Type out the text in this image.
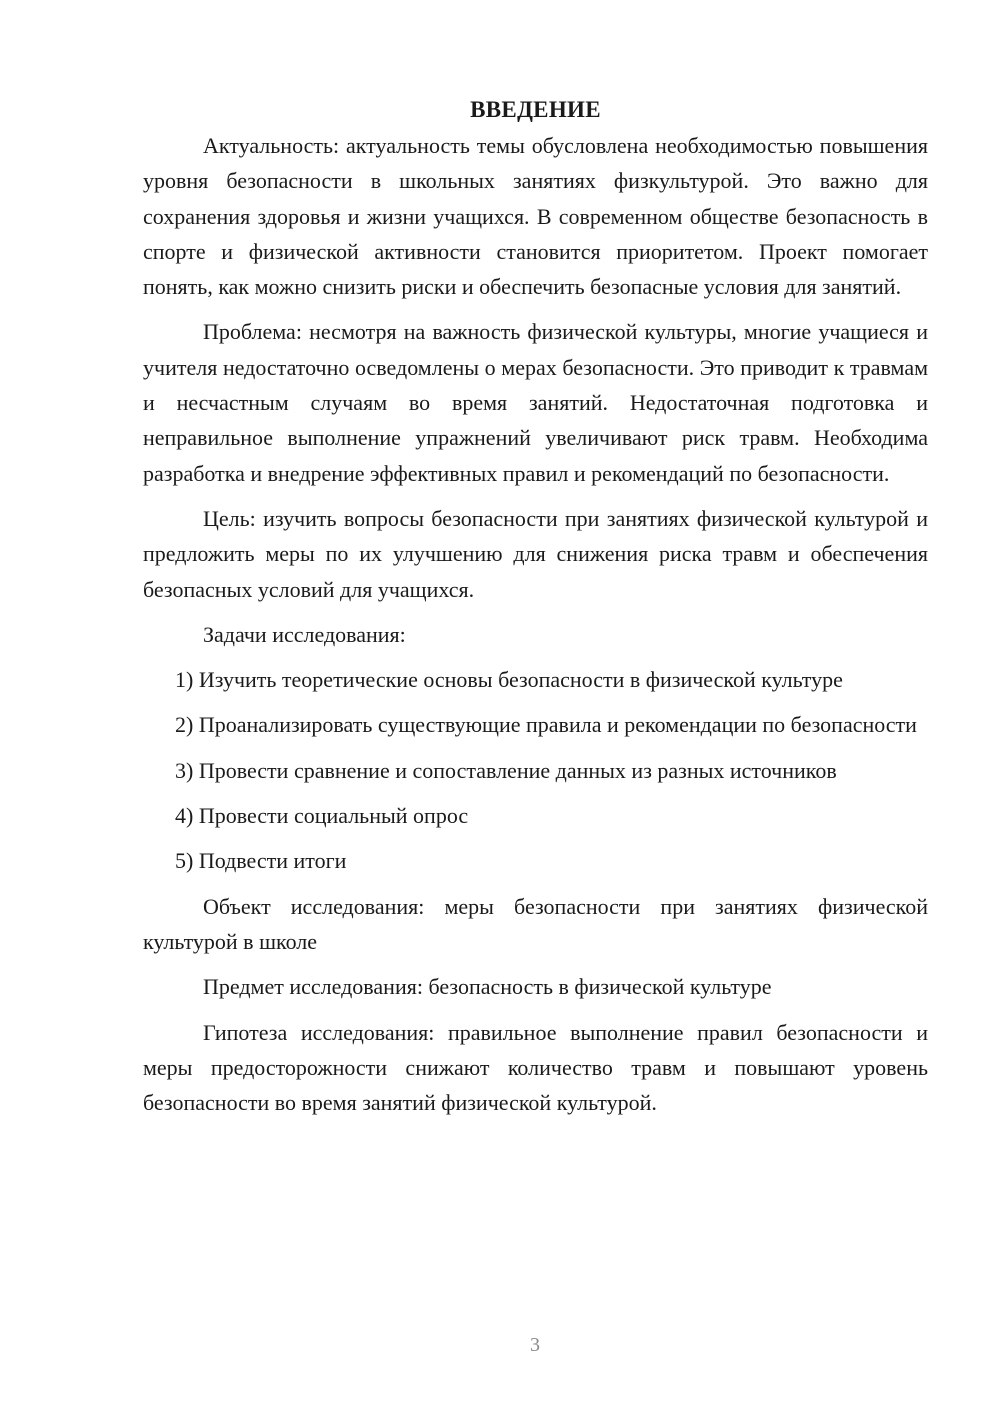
ВВЕДЕНИЕ

Актуальность: актуальность темы обусловлена необходимостью повышения уровня безопасности в школьных занятиях физкультурой. Это важно для сохранения здоровья и жизни учащихся. В современном обществе безопасность в спорте и физической активности становится приоритетом. Проект помогает понять, как можно снизить риски и обеспечить безопасные условия для занятий.

Проблема: несмотря на важность физической культуры, многие учащиеся и учителя недостаточно осведомлены о мерах безопасности. Это приводит к травмам и несчастным случаям во время занятий. Недостаточная подготовка и неправильное выполнение упражнений увеличивают риск травм. Необходима разработка и внедрение эффективных правил и рекомендаций по безопасности.

Цель: изучить вопросы безопасности при занятиях физической культурой и предложить меры по их улучшению для снижения риска травм и обеспечения безопасных условий для учащихся.

Задачи исследования:

1) Изучить теоретические основы безопасности в физической культуре

2) Проанализировать существующие правила и рекомендации по безопасности

3) Провести сравнение и сопоставление данных из разных источников

4) Провести социальный опрос

5) Подвести итоги

Объект исследования: меры безопасности при занятиях физической культурой в школе

Предмет исследования: безопасность в физической культуре

Гипотеза исследования: правильное выполнение правил безопасности и меры предосторожности снижают количество травм и повышают уровень безопасности во время занятий физической культурой.

3
